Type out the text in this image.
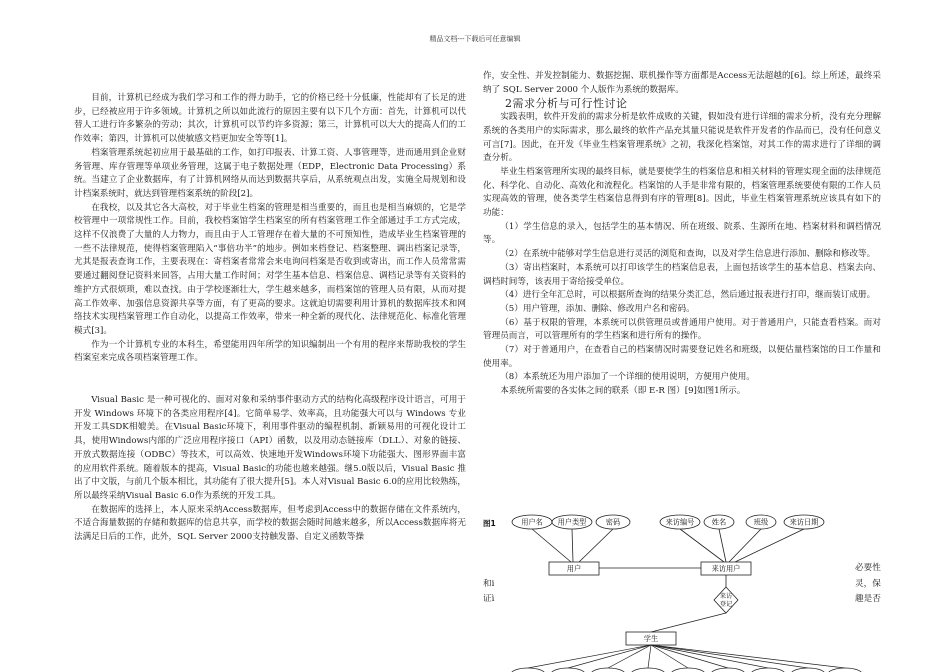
精品文档---下载后可任意编辑

目前，计算机已经成为我们学习和工作的得力助手，它的价格已经十分低廉，性能却有了长足的进步，已经被应用于许多领域。计算机之所以如此流行的原因主要有以下几个方面：首先，计算机可以代替人工进行许多繁杂的劳动；其次，计算机可以节约许多资源；第三，计算机可以大大的提高人们的工作效率；第四，计算机可以使敏感文档更加安全等等[1]。

档案管理系统起初应用于最基础的工作，如打印报表、计算工资、人事管理等，进而通用到企业财务管理、库存管理等单项业务管理，这属于电子数据处理（EDP，Electronic Data Processing）系统。当建立了企业数据库，有了计算机网络从而达到数据共享后，从系统观点出发，实施全局规划和设计档案系统时，就达到管理档案系统的阶段[2]。

在我校，以及其它各大高校，对于毕业生档案的管理是相当重要的，而且也是相当麻烦的，它是学校管理中一项常规性工作。目前，我校档案馆学生档案室的所有档案管理工作全部通过手工方式完成，这样不仅浪费了大量的人力物力，而且由于人工管理存在着大量的不可预知性，造成毕业生档案管理的一些不法律规范，使得档案管理陷入“事倍功半”的地步。例如来档登记、档案整理、调出档案记录等，尤其是报表查询工作，主要表现在：寄档案者常常会来电询问档案是否收到或寄出，而工作人员常常需要通过翻阅登记资料来回答，占用大量工作时间；对学生基本信息、档案信息、调档记录等有关资料的维护方式很烦琐，难以查找。由于学校逐渐壮大，学生越来越多，而档案馆的管理人员有限，从而对提高工作效率、加强信息资源共享等方面，有了更高的要求。这就迫切需要利用计算机的数据库技术和网络技术实现档案管理工作自动化，以提高工作效率，带来一种全新的现代化、法律规范化、标准化管理模式[3]。

作为一个计算机专业的本科生，希望能用四年所学的知识编制出一个有用的程序来帮助我校的学生档案室来完成各项档案管理工作。

Visual Basic 是一种可视化的、面对对象和采纳事件驱动方式的结构化高级程序设计语言，可用于开发 Windows 环境下的各类应用程序[4]。它简单易学、效率高，且功能强大可以与 Windows 专业开发工具SDK相媲美。在Visual Basic环境下，利用事件驱动的编程机制、新颖易用的可视化设计工具，使用Windows内部的广泛应用程序接口（API）函数，以及用动态链接库（DLL）、对象的链接、开放式数据连接（ODBC）等技术，可以高效、快速地开发Windows环境下功能强大、图形界面丰富的应用软件系统。随着版本的提高，Visual Basic的功能也越来越强。继5.0版以后，Visual Basic 推出了中文版，与前几个版本相比，其功能有了很大提升[5]。本人对Visual Basic 6.0的应用比较熟练，所以最终采纳Visual Basic 6.0作为系统的开发工具。

在数据库的选择上，本人原来采纳Access数据库，但考虑到Access中的数据存储在文件系统内，不适合海量数据的存储和数据库的信息共享，而学校的数据会随时间越来越多，所以Access数据库将无法满足日后的工作，此外，SQL Server 2000支持触发器、自定义函数等操

作，安全性、并发控制能力、数据挖掘、联机操作等方面都是Access无法超越的[6]。综上所述，最终采纳了 SQL Server 2000 个人版作为系统的数据库。

2需求分析与可行性讨论

实践表明，软件开发前的需求分析是软件成败的关键，假如没有进行详细的需求分析，没有充分理解系统的各类用户的实际需求，那么最终的软件产品充其量只能说是软件开发者的作品而已，没有任何意义可言[7]。因此，在开发《毕业生档案管理系统》之初，我深化档案馆，对其工作的需求进行了详细的调查分析。

毕业生档案管理所实现的最终目标，就是要使学生的档案信息和相关材料的管理实现全面的法律规范化、科学化、自动化、高效化和流程化。档案馆的人手是非常有限的，档案管理系统要使有限的工作人员实现高效的管理，使各类学生档案信息得到有序的管理[8]。因此，毕业生档案管理系统应该具有如下的功能：

（1）学生信息的录入，包括学生的基本情况、所在班级、院系、生源所在地、档案材料和调档情况等。

（2）在系统中能够对学生信息进行灵活的浏览和查询，以及对学生信息进行添加、删除和修改等。

（3）寄出档案时，本系统可以打印该学生的档案信息表，上面包括该学生的基本信息、档案去向、调档时间等，该表用于寄给接受单位。

（4）进行全年汇总时，可以根据所查询的结果分类汇总，然后通过报表进行打印，继而装订成册。

（5）用户管理，添加、删除、修改用户名和密码。

（6）基于权限的管理，本系统可以供管理员或普通用户使用。对于普通用户，只能查看档案。而对管理员而言，可以管理所有的学生档案和进行所有的操作。

（7）对于普通用户，在查看自己的档案情况时需要登记姓名和班级，以便估量档案馆的日工作量和使用率。

（8）本系统还为用户添加了一个详细的使用说明，方便用户使用。

本系统所需要的各实体之间的联系（即 E-R 图）[9]如图1所示。

图1
和i
证ì
必要性
灵，保
趣是否
用户名 用户类型	密码	来访编号 姓名	班级	来访日期
用户	来访用户
来访
登记
学生
